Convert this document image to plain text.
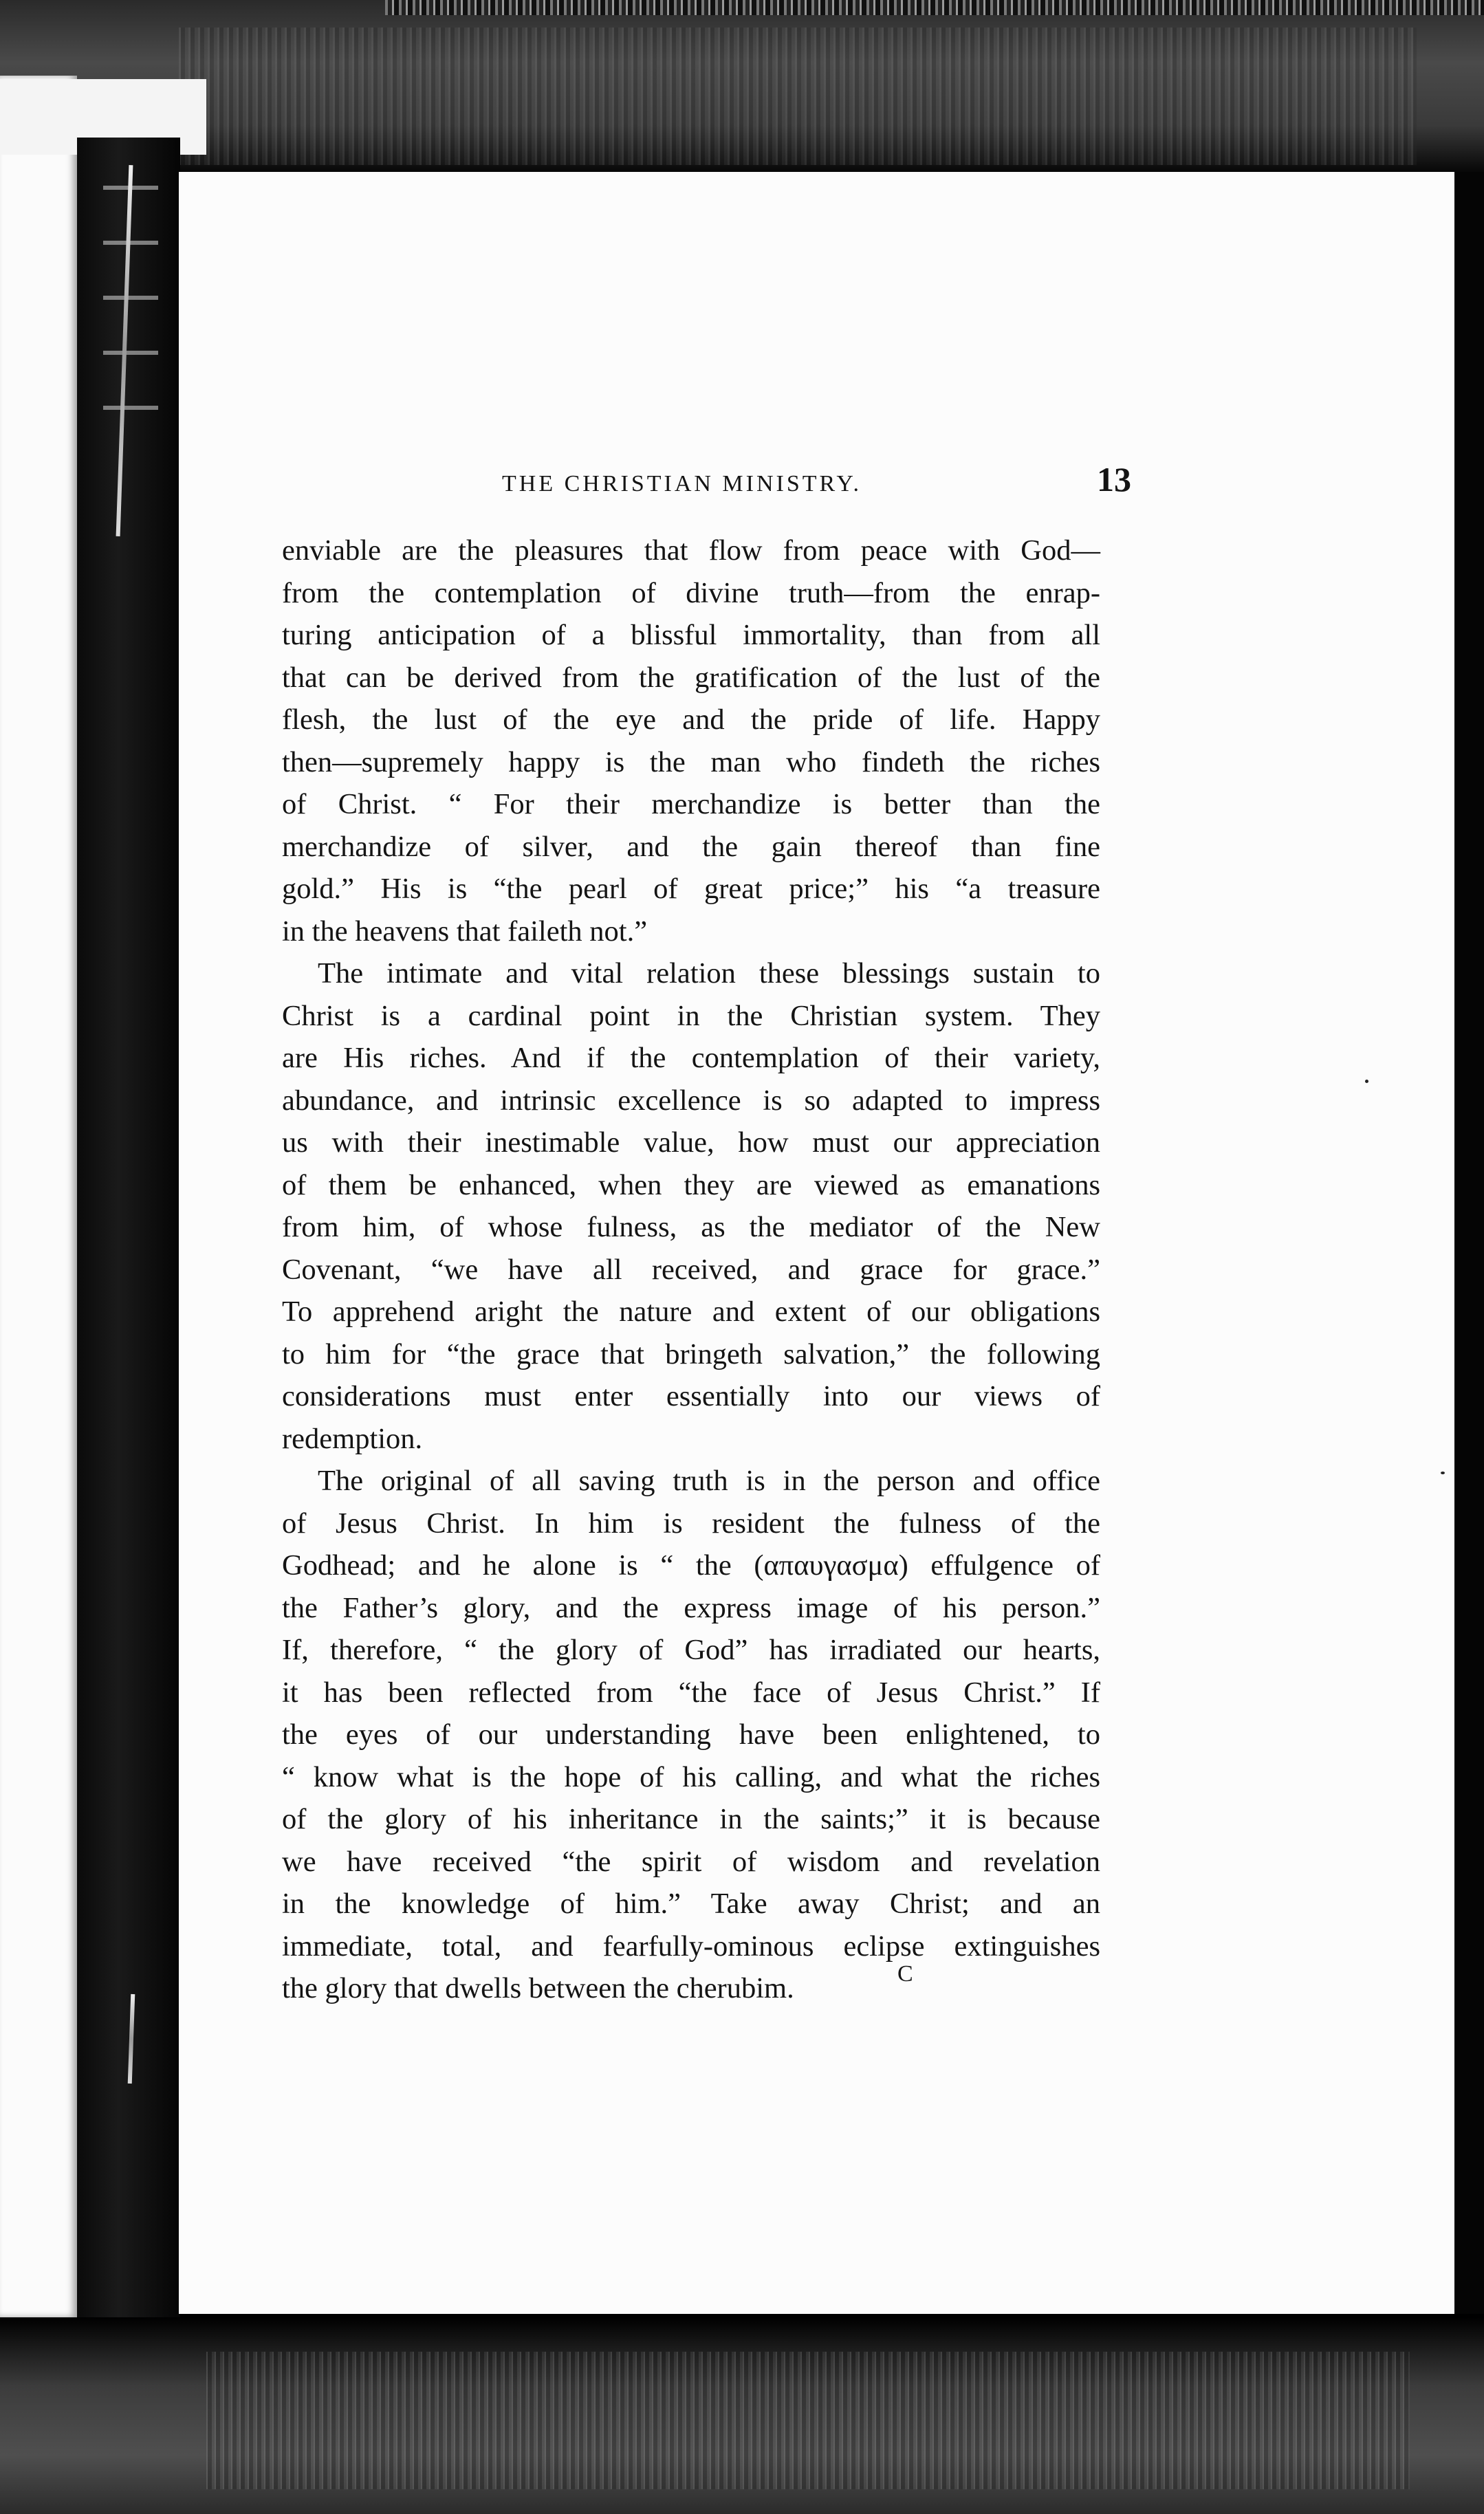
THE CHRISTIAN MINISTRY.	13
enviable are the pleasures that flow from peace with God—
from the contemplation of divine truth—from the enrap-
turing anticipation of a blissful immortality, than from all
that can be derived from the gratification of the lust of the
flesh, the lust of the eye and the pride of life. Happy
then—supremely happy is the man who findeth the riches
of Christ. “ For their merchandize is better than the
merchandize of silver, and the gain thereof than fine
gold.” His is “the pearl of great price;” his “a treasure
in the heavens that faileth not.”
The intimate and vital relation these blessings sustain to
Christ is a cardinal point in the Christian system. They
are His riches. And if the contemplation of their variety,
abundance, and intrinsic excellence is so adapted to impress
us with their inestimable value, how must our appreciation
of them be enhanced, when they are viewed as emanations
from him, of whose fulness, as the mediator of the New
Covenant, “we have all received, and grace for grace.”
To apprehend aright the nature and extent of our obligations
to him for “the grace that bringeth salvation,” the following
considerations must enter essentially into our views of
redemption.
The original of all saving truth is in the person and office
of Jesus Christ. In him is resident the fulness of the
Godhead; and he alone is “ the (απαυγασμα) effulgence of
the Father’s glory, and the express image of his person.”
If, therefore, “ the glory of God” has irradiated our hearts,
it has been reflected from “the face of Jesus Christ.” If
the eyes of our understanding have been enlightened, to
“ know what is the hope of his calling, and what the riches
of the glory of his inheritance in the saints;” it is because
we have received “the spirit of wisdom and revelation
in the knowledge of him.” Take away Christ; and an
immediate, total, and fearfully-ominous eclipse extinguishes
the glory that dwells between the cherubim.	C
